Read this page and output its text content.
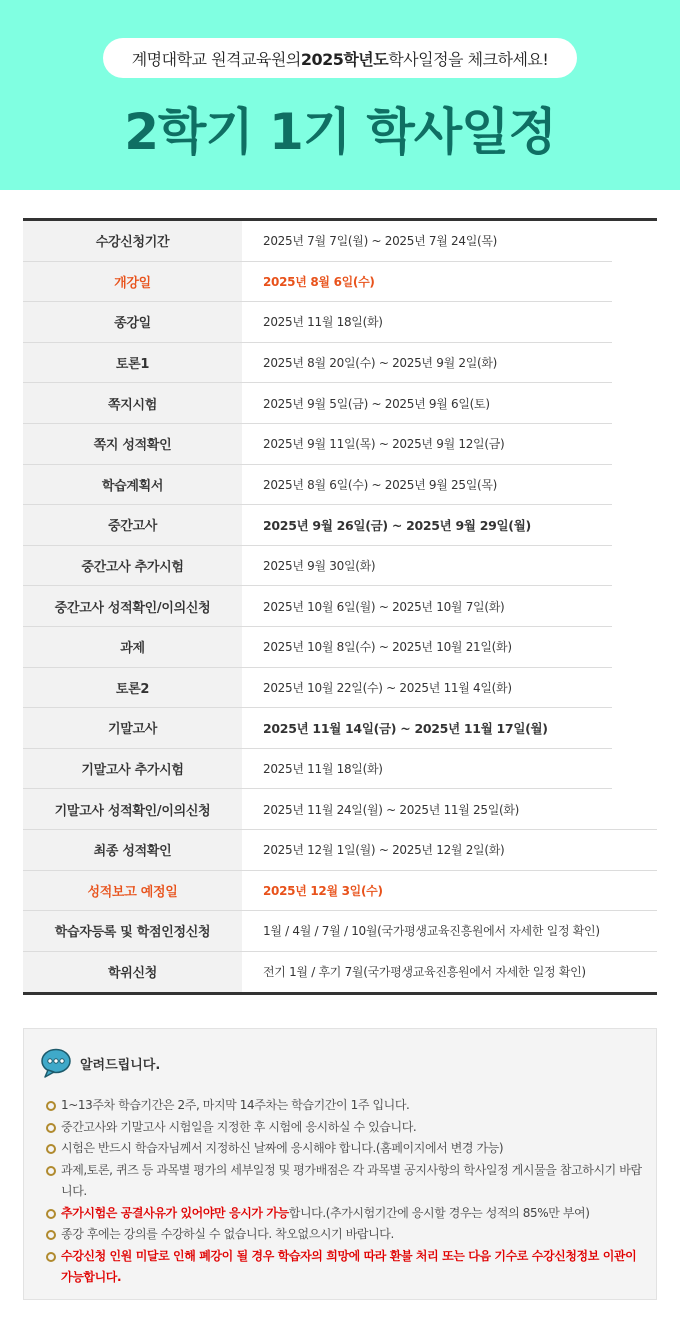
계명대학교 원격교육원의 2025학년도 학사일정을 체크하세요!
2학기 1기 학사일정
수강신청기간	2025년 7월 7일(월) ~ 2025년 7월 24일(목)
개강일	2025년 8월 6일(수)
종강일	2025년 11월 18일(화)
토론1	2025년 8월 20일(수) ~ 2025년 9월 2일(화)
쪽지시험	2025년 9월 5일(금) ~ 2025년 9월 6일(토)
쪽지 성적확인	2025년 9월 11일(목) ~ 2025년 9월 12일(금)
학습계획서	2025년 8월 6일(수) ~ 2025년 9월 25일(목)
중간고사	2025년 9월 26일(금) ~ 2025년 9월 29일(월)
중간고사 추가시험	2025년 9월 30일(화)
중간고사 성적확인/이의신청	2025년 10월 6일(월) ~ 2025년 10월 7일(화)
과제	2025년 10월 8일(수) ~ 2025년 10월 21일(화)
토론2	2025년 10월 22일(수) ~ 2025년 11월 4일(화)
기말고사	2025년 11월 14일(금) ~ 2025년 11월 17일(월)
기말고사 추가시험	2025년 11월 18일(화)
기말고사 성적확인/이의신청	2025년 11월 24일(월) ~ 2025년 11월 25일(화)
최종 성적확인	2025년 12월 1일(월) ~ 2025년 12월 2일(화)
성적보고 예정일	2025년 12월 3일(수)
학습자등록 및 학점인정신청	1월 / 4월 / 7월 / 10월(국가평생교육진흥원에서 자세한 일정 확인)
학위신청	전기 1월 / 후기 7월(국가평생교육진흥원에서 자세한 일정 확인)
알려드립니다.
1~13주차 학습기간은 2주, 마지막 14주차는 학습기간이 1주 입니다.
중간고사와 기말고사 시험일을 지정한 후 시험에 응시하실 수 있습니다.
시험은 반드시 학습자님께서 지정하신 날짜에 응시해야 합니다.(홈페이지에서 변경 가능)
과제,토론, 퀴즈 등 과목별 평가의 세부일정 및 평가배점은 각 과목별 공지사항의 학사일정 게시물을 참고하시기 바랍니다.
추가시험은 공결사유가 있어야만 응시가 가능합니다.(추가시험기간에 응시할 경우는 성적의 85%만 부여)
종강 후에는 강의를 수강하실 수 없습니다. 착오없으시기 바랍니다.
수강신청 인원 미달로 인해 폐강이 될 경우 학습자의 희망에 따라 환불 처리 또는 다음 기수로 수강신청정보 이관이 가능합니다.
